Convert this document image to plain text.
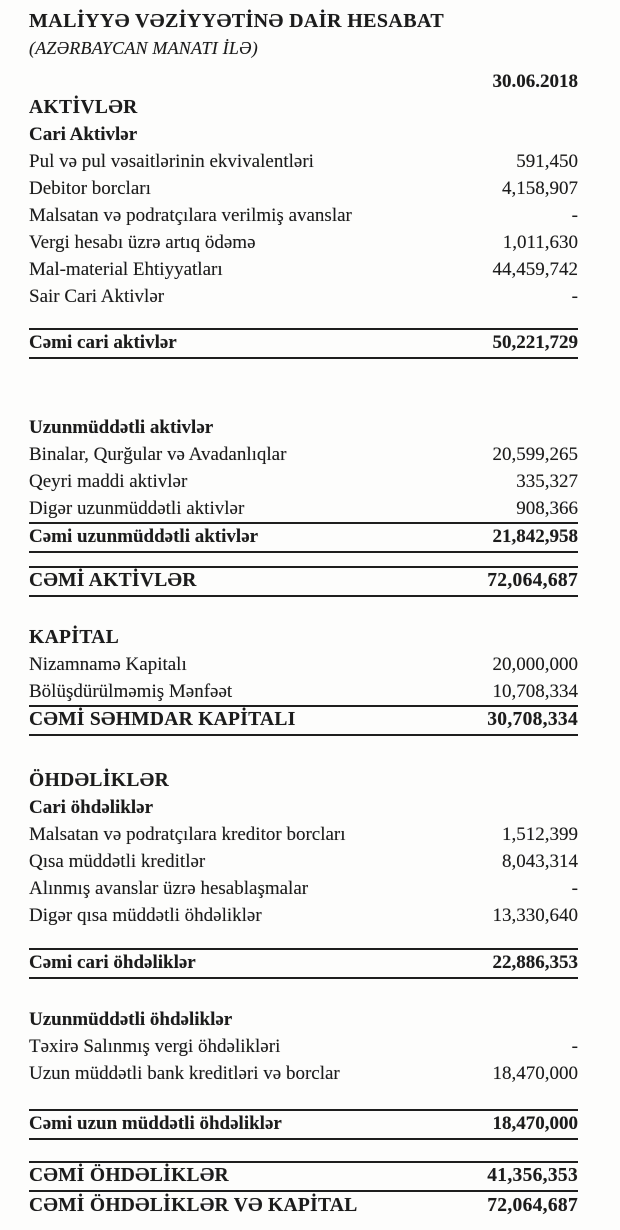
MALİYYƏ VƏZİYYƏTİNƏ DAİR HESABAT
(AZƏRBAYCAN MANATI İLƏ)
30.06.2018
AKTİVLƏR
Cari Aktivlər
Pul və pul vəsaitlərinin ekvivalentləri	591,450
Debitor borcları	4,158,907
Malsatan və podratçılara verilmiş avanslar	-
Vergi hesabı üzrə artıq ödəmə	1,011,630
Mal-material Ehtiyyatları	44,459,742
Sair Cari Aktivlər	-
Cəmi cari aktivlər	50,221,729
Uzunmüddətli aktivlər
Binalar, Qurğular və Avadanlıqlar	20,599,265
Qeyri maddi aktivlər	335,327
Digər uzunmüddətli aktivlər	908,366
Cəmi uzunmüddətli aktivlər	21,842,958
CƏMİ AKTİVLƏR	72,064,687
KAPİTAL
Nizamnamə Kapitalı	20,000,000
Bölüşdürülməmiş Mənfəət	10,708,334
CƏMİ SƏHMDAR KAPİTALI	30,708,334
ÖHDƏLİKLƏR
Cari öhdəliklər
Malsatan və podratçılara kreditor borcları	1,512,399
Qısa müddətli kreditlər	8,043,314
Alınmış avanslar üzrə hesablaşmalar	-
Digər qısa müddətli öhdəliklər	13,330,640
Cəmi cari öhdəliklər	22,886,353
Uzunmüddətli öhdəliklər
Təxirə Salınmış vergi öhdəlikləri	-
Uzun müddətli bank kreditləri və borclar	18,470,000
Cəmi uzun müddətli öhdəliklər	18,470,000
CƏMİ ÖHDƏLİKLƏR	41,356,353
CƏMİ ÖHDƏLİKLƏR VƏ KAPİTAL	72,064,687
